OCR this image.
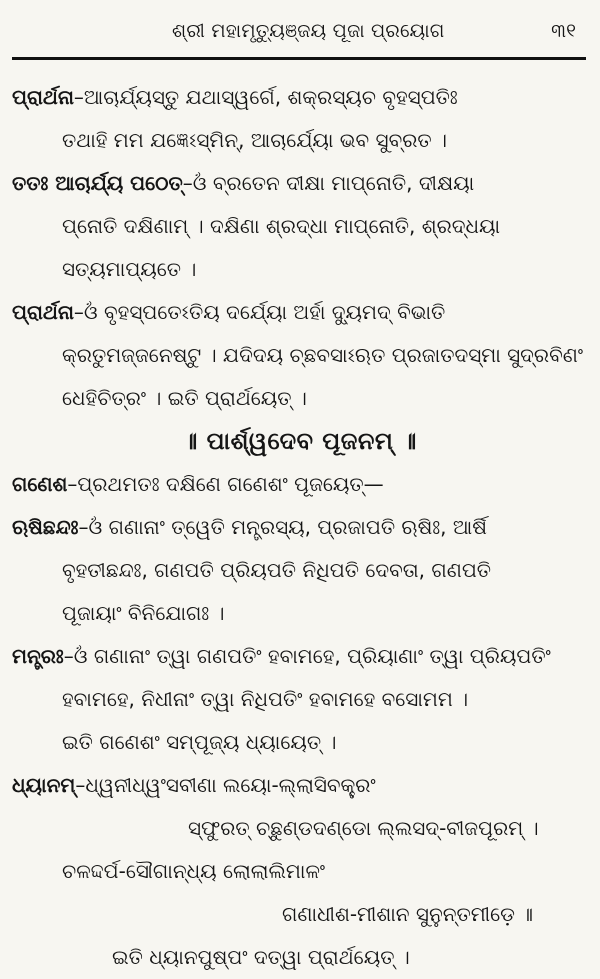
ଶ୍ରୀ ମହାମୃତ୍ୟୁଞ୍ଜୟ ପୂଜା ପ୍ରୟୋଗ	୩୧
ପ୍ରାର୍ଥନା–ଆଚାର୍ଯ୍ୟସ୍ତୁ ଯଥାସ୍ୱର୍ଗେ, ଶକ୍ରସ୍ୟଚ ବୃହସ୍ପତିଃ
ତଥାହି ମମ ଯଜ୍ଞେଽସ୍ମିନ୍, ଆଚାର୍ଯ୍ୟୋ ଭବ ସୁବ୍ରତ ।
ତତଃ ଆଚାର୍ଯ୍ୟ ପଠେତ୍–ଓଁ ବ୍ରତେନ ଦୀକ୍ଷା ମାପ୍ନୋତି, ଦୀକ୍ଷୟା
ପ୍ନୋତି ଦକ୍ଷିଣାମ୍ । ଦକ୍ଷିଣା ଶ୍ରଦ୍ଧା ମାପ୍ନୋତି, ଶ୍ରଦ୍ଧୟା
ସତ୍ୟମାପ୍ୟତେ ।
ପ୍ରାର୍ଥନା–ଓଁ ବୃହସ୍ପତେଽତିୟ ଦର୍ଯ୍ୟୋ ଅର୍ହା ଦ୍ୟୁମଦ୍ ବିଭାତି
କ୍ରତୁମଜ୍ଜନେଷ୍ଟୁ । ଯଦିଦୟ ଚ୍ଛବସାଽଋତ ପ୍ରଜାତଦସ୍ମା ସୁଦ୍ରବିଣଂ
ଧେହିଚିତ୍ରଂ । ଇତି ପ୍ରାର୍ଥୟେତ୍ ।
॥ ପାର୍ଶ୍ୱଦେବ ପୂଜନମ୍ ॥
ଗଣେଶ–ପ୍ରଥମତଃ ଦକ୍ଷିଣେ ଗଣେଶଂ ପୂଜୟେତ୍—
ଋଷିଛନ୍ଦଃ–ଓଁ ଗଣାନାଂ ତ୍ୱେତି ମନ୍ତ୍ରସ୍ୟ, ପ୍ରଜାପତି ଋଷିଃ, ଆର୍ଷି
ବୃହତୀଛନ୍ଦଃ, ଗଣପତି ପ୍ରିୟପତି ନିଧିପତି ଦେବତା, ଗଣପତି
ପୂଜାୟାଂ ବିନିଯୋଗଃ ।
ମନ୍ତ୍ରଃ–ଓଁ ଗଣାନାଂ ତ୍ୱା ଗଣପତିଂ ହବାମହେ, ପ୍ରିୟାଣାଂ ତ୍ୱା ପ୍ରିୟପତିଂ
ହବାମହେ, ନିଧୀନାଂ ତ୍ୱା ନିଧିପତିଂ ହବାମହେ ବସୋମମ ।
ଇତି ଗଣେଶଂ ସମ୍ପୂଜ୍ୟ ଧ୍ୟାୟେତ୍ ।
ଧ୍ୟାନମ୍–ଧ୍ୱନୀଧ୍ୱଂସବୀଣା ଲୟୋ-ଲ୍ଲାସିବକ୍ତ୍ରଂ
ସ୍ଫୁରତ୍ ଚ୍ଛୁଣ୍ଡଦଣ୍ଡୋ ଲ୍ଲସଦ୍-ବୀଜପୂରମ୍ ।
ଚଳଦ୍ଦର୍ପ-ସୌଗାନ୍ଧ୍ୟ ଲୋଲାଲିମାଳଂ
ଗଣାଧୀଶ-ମୀଶାନ ସୁନୁନ୍ତମୀଡ଼େ ॥
ଇତି ଧ୍ୟାନପୁଷ୍ପଂ ଦତ୍ୱା ପ୍ରାର୍ଥୟେତ୍ ।
